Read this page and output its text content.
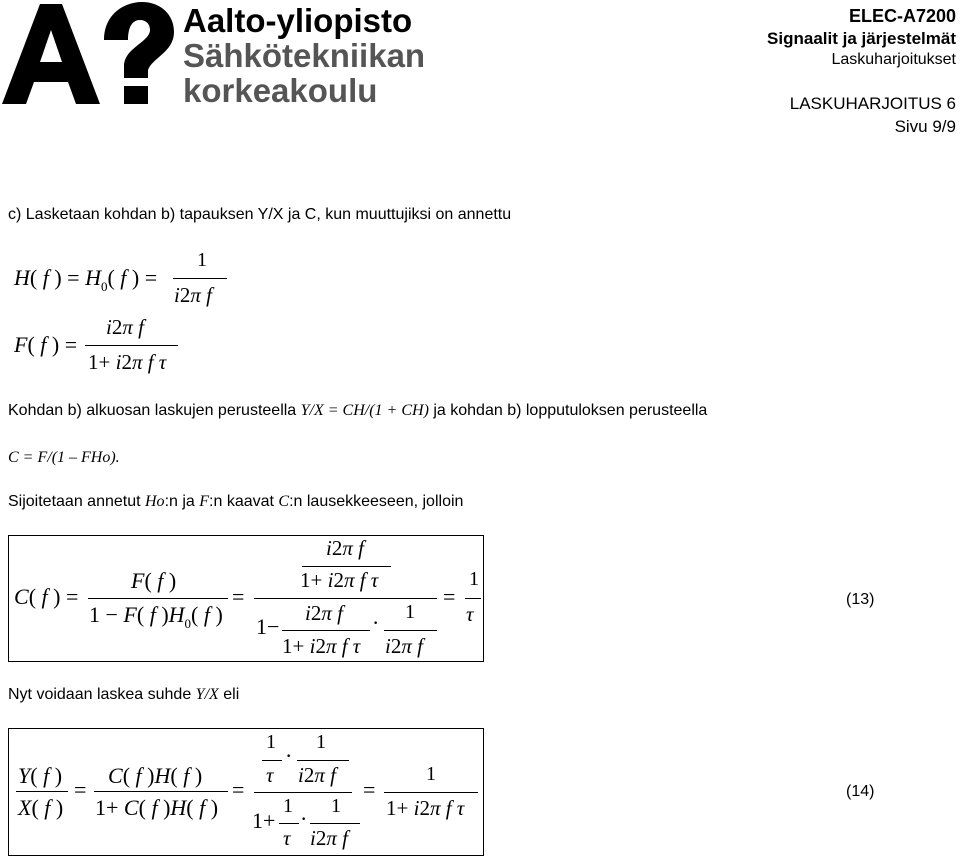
Aalto-yliopisto
Sähkötekniikan
korkeakoulu
ELEC-A7200
Signaalit ja järjestelmät
Laskuharjoitukset
LASKUHARJOITUS 6
Sivu 9/9
c) Lasketaan kohdan b) tapauksen Y/X ja C, kun muuttujiksi on annettu
H( f ) = $H_0$( f ) =
1
i2π f
F( f ) =
i2π f
1+ i2π f τ
Kohdan b) alkuosan laskujen perusteella Y/X = CH/(1 + CH) ja kohdan b) lopputuloksen perusteella
C = F/(1 – FHo).
Sijoitetaan annetut Ho:n ja F:n kaavat C:n lausekkeeseen, jolloin
C( f ) =
F( f )
1 − F( f )$H_0$( f )
=
i2π f
1+ i2π f τ
1−
i2π f
1+ i2π f τ
· 1
i2π f
=
1
τ
(13)
Nyt voidaan laskea suhde Y/X eli
Y( f )
X( f )
=
C( f )H( f )
1+ C( f )H( f )
=
1
τ
·
1
i2π f
1+
1
τ
· 1
i2π f
=
1
1+ i2π f τ
(14)
